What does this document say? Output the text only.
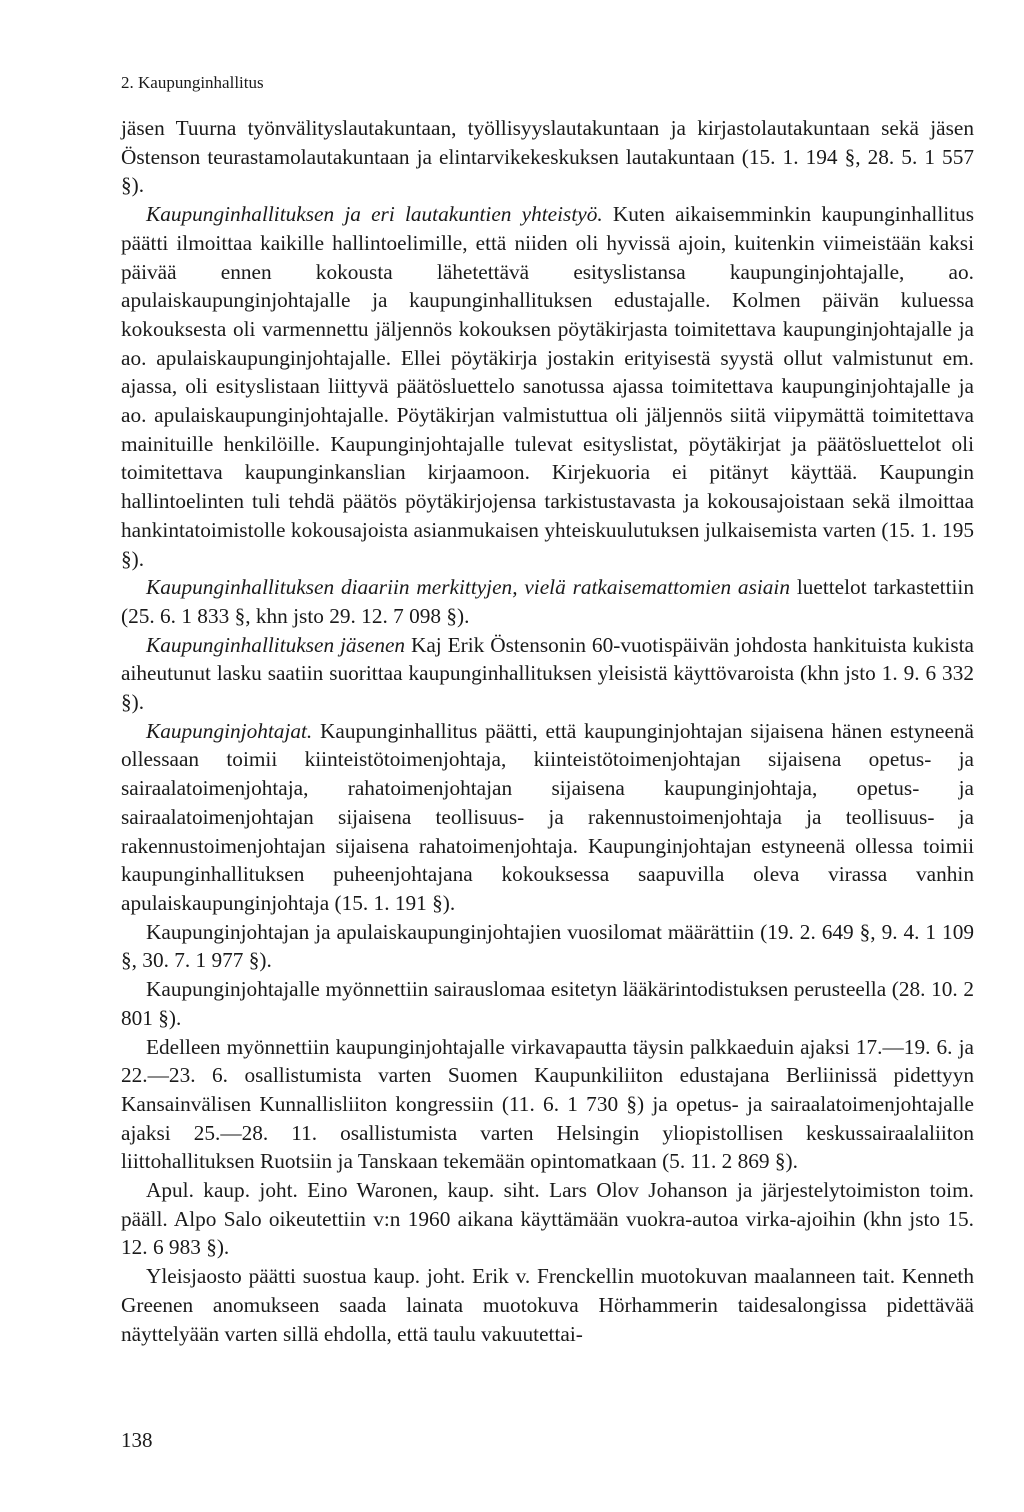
2. Kaupunginhallitus

jäsen Tuurna työnvälityslautakuntaan, työllisyyslautakuntaan ja kirjastolautakuntaan sekä jäsen Östenson teurastamolautakuntaan ja elintarvikekeskuksen lautakuntaan (15. 1. 194 §, 28. 5. 1 557 §).

Kaupunginhallituksen ja eri lautakuntien yhteistyö. Kuten aikaisemminkin kaupunginhallitus päätti ilmoittaa kaikille hallintoelimille, että niiden oli hyvissä ajoin, kuitenkin viimeistään kaksi päivää ennen kokousta lähetettävä esityslistansa kaupunginjohtajalle, ao. apulaiskaupunginjohtajalle ja kaupunginhallituksen edustajalle. Kolmen päivän kuluessa kokouksesta oli varmennettu jäljennös kokouksen pöytäkirjasta toimitettava kaupunginjohtajalle ja ao. apulaiskaupunginjohtajalle. Ellei pöytäkirja jostakin erityisestä syystä ollut valmistunut em. ajassa, oli esityslistaan liittyvä päätösluettelo sanotussa ajassa toimitettava kaupunginjohtajalle ja ao. apulaiskaupunginjohtajalle. Pöytäkirjan valmistuttua oli jäljennös siitä viipymättä toimitettava mainituille henkilöille. Kaupunginjohtajalle tulevat esityslistat, pöytäkirjat ja päätösluettelot oli toimitettava kaupunginkanslian kirjaamoon. Kirjekuoria ei pitänyt käyttää. Kaupungin hallintoelinten tuli tehdä päätös pöytäkirjojensa tarkistustavasta ja kokousajoistaan sekä ilmoittaa hankintatoimistolle kokousajoista asianmukaisen yhteiskuulutuksen julkaisemista varten (15. 1. 195 §).

Kaupunginhallituksen diaariin merkittyjen, vielä ratkaisemattomien asiain luettelot tarkastettiin (25. 6. 1 833 §, khn jsto 29. 12. 7 098 §).

Kaupunginhallituksen jäsenen Kaj Erik Östensonin 60-vuotispäivän johdosta hankituista kukista aiheutunut lasku saatiin suorittaa kaupunginhallituksen yleisistä käyttövaroista (khn jsto 1. 9. 6 332 §).

Kaupunginjohtajat. Kaupunginhallitus päätti, että kaupunginjohtajan sijaisena hänen estyneenä ollessaan toimii kiinteistötoimenjohtaja, kiinteistötoimenjohtajan sijaisena opetus- ja sairaalatoimenjohtaja, rahatoimenjohtajan sijaisena kaupunginjohtaja, opetus- ja sairaalatoimenjohtajan sijaisena teollisuus- ja rakennustoimenjohtaja ja teollisuus- ja rakennustoimenjohtajan sijaisena rahatoimenjohtaja. Kaupunginjohtajan estyneenä ollessa toimii kaupunginhallituksen puheenjohtajana kokouksessa saapuvilla oleva virassa vanhin apulaiskaupunginjohtaja (15. 1. 191 §).

Kaupunginjohtajan ja apulaiskaupunginjohtajien vuosilomat määrättiin (19. 2. 649 §, 9. 4. 1 109 §, 30. 7. 1 977 §).

Kaupunginjohtajalle myönnettiin sairauslomaa esitetyn lääkärintodistuksen perusteella (28. 10. 2 801 §).

Edelleen myönnettiin kaupunginjohtajalle virkavapautta täysin palkkaeduin ajaksi 17.—19. 6. ja 22.—23. 6. osallistumista varten Suomen Kaupunkiliiton edustajana Berliinissä pidettyyn Kansainvälisen Kunnallisliiton kongressiin (11. 6. 1 730 §) ja opetus- ja sairaalatoimenjohtajalle ajaksi 25.—28. 11. osallistumista varten Helsingin yliopistollisen keskussairaalaliiton liittohallituksen Ruotsiin ja Tanskaan tekemään opintomatkaan (5. 11. 2 869 §).

Apul. kaup. joht. Eino Waronen, kaup. siht. Lars Olov Johanson ja järjestelytoimiston toim. pääll. Alpo Salo oikeutettiin v:n 1960 aikana käyttämään vuokra-autoa virka-ajoihin (khn jsto 15. 12. 6 983 §).

Yleisjaosto päätti suostua kaup. joht. Erik v. Frenckellin muotokuvan maalanneen tait. Kenneth Greenen anomukseen saada lainata muotokuva Hörhammerin taidesalongissa pidettävää näyttelyään varten sillä ehdolla, että taulu vakuutettai-

138
